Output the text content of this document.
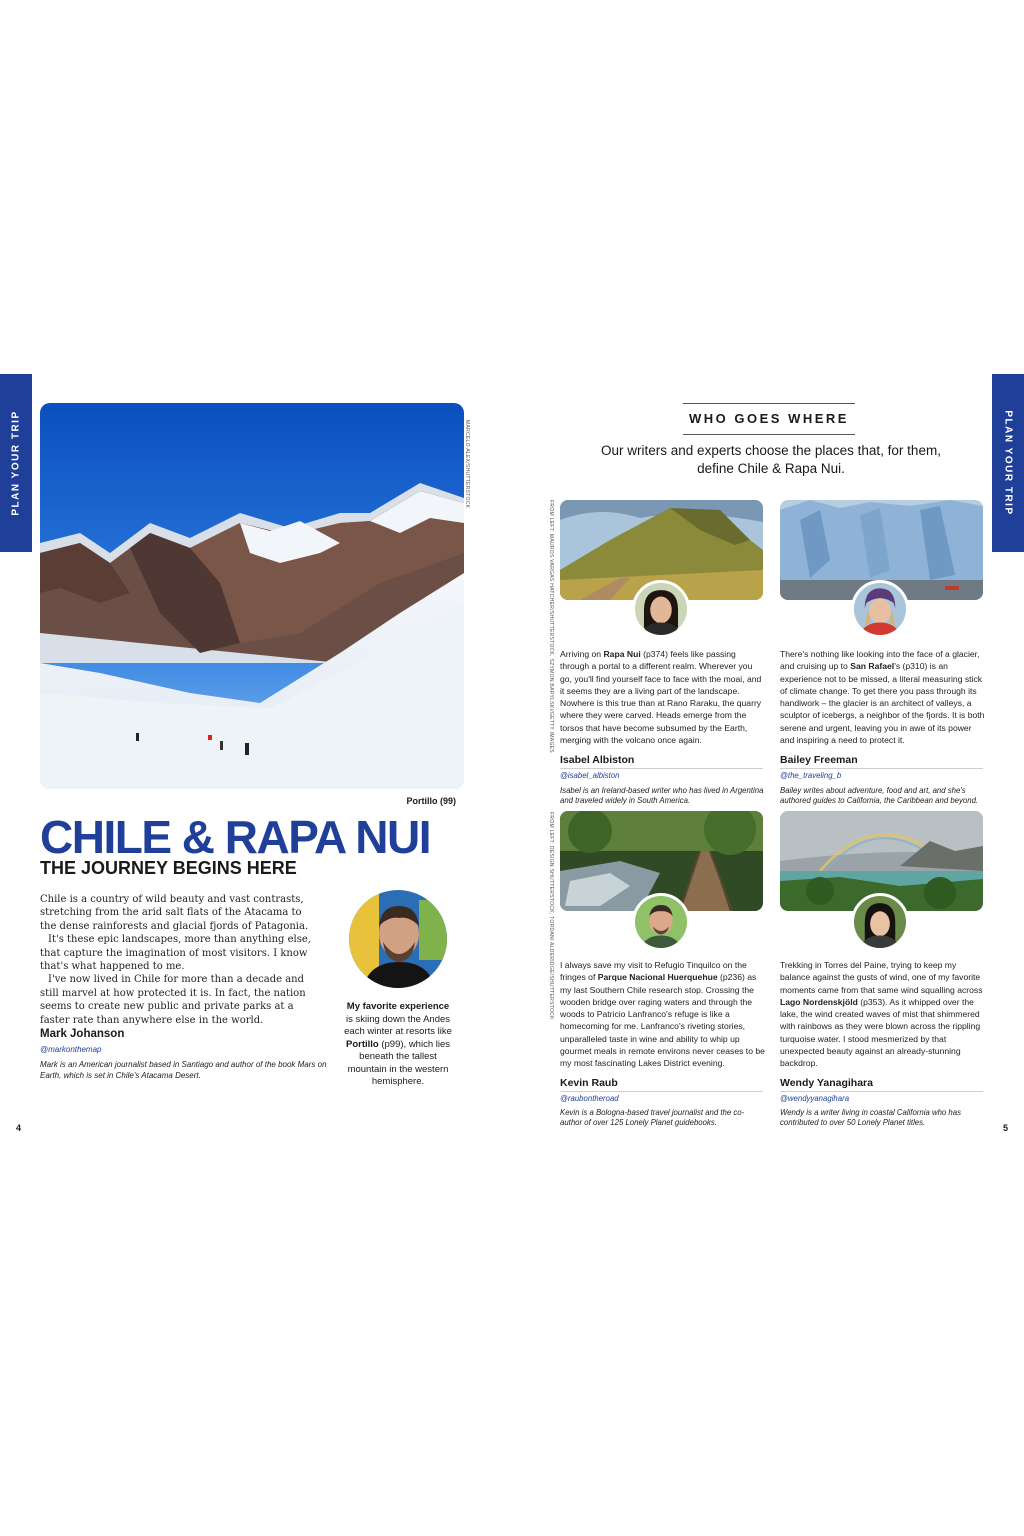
PLAN YOUR TRIP	PLAN YOUR TRIP
MARCELO ALEX/SHUTTERSTOCK
Portillo (99)
CHILE & RAPA NUI
THE JOURNEY BEGINS HERE

Chile is a country of wild beauty and vast contrasts, stretching from the arid salt flats of the Atacama to the dense rainforests and glacial fjords of Patagonia.

It's these epic landscapes, more than anything else, that capture the imagination of most visitors. I know that's what happened to me.

I've now lived in Chile for more than a decade and still marvel at how protected it is. In fact, the nation seems to create new public and private parks at a faster rate than anywhere else in the world.

Mark Johanson
@markonthemap
Mark is an American journalist based in Santiago and author of the book Mars on Earth, which is set in Chile's Atacama Desert.
My favorite experience is skiing down the Andes each winter at resorts like Portillo (p99), which lies beneath the tallest mountain in the western hemisphere.
4	5
WHO GOES WHERE

Our writers and experts choose the places that, for them, define Chile & Rapa Nui.

FROM LEFT: MAUROS VARGAS HATCHER/SHUTTERSTOCK, SZYMON BARYLSKI/GETTY IMAGES
FROM LEFT: DESIGN SHUTTERSTOCK, TORDANI ALDERIDGE/SHUTTERSTOCK
Arriving on Rapa Nui (p374) feels like passing through a portal to a different realm. Wherever you go, you'll find yourself face to face with the moai, and it seems they are a living part of the landscape. Nowhere is this true than at Rano Raraku, the quarry where they were carved. Heads emerge from the torsos that have become subsumed by the Earth, merging with the volcano once again.
Isabel Albiston
@isabel_albiston
Isabel is an Ireland-based writer who has lived in Argentina and traveled widely in South America.
There's nothing like looking into the face of a glacier, and cruising up to San Rafael's (p310) is an experience not to be missed, a literal measuring stick of climate change. To get there you pass through its handiwork – the glacier is an architect of valleys, a sculptor of icebergs, a neighbor of the fjords. It is both serene and urgent, leaving you in awe of its power and inspiring a need to protect it.
Bailey Freeman
@the_traveling_b
Bailey writes about adventure, food and art, and she's authored guides to California, the Caribbean and beyond.
I always save my visit to Refugio Tinquilco on the fringes of Parque Nacional Huerquehue (p236) as my last Southern Chile research stop. Crossing the wooden bridge over raging waters and through the woods to Patricio Lanfranco's refuge is like a homecoming for me. Lanfranco's riveting stories, unparalleled taste in wine and ability to whip up gourmet meals in remote environs never ceases to be my most fascinating Lakes District evening.
Kevin Raub
@raubontheroad
Kevin is a Bologna-based travel journalist and the co-author of over 125 Lonely Planet guidebooks.
Trekking in Torres del Paine, trying to keep my balance against the gusts of wind, one of my favorite moments came from that same wind squalling across Lago Nordenskjöld (p353). As it whipped over the lake, the wind created waves of mist that shimmered with rainbows as they were blown across the rippling turquoise water. I stood mesmerized by that unexpected beauty against an already-stunning backdrop.
Wendy Yanagihara
@wendyyanagihara
Wendy is a writer living in coastal California who has contributed to over 50 Lonely Planet titles.
